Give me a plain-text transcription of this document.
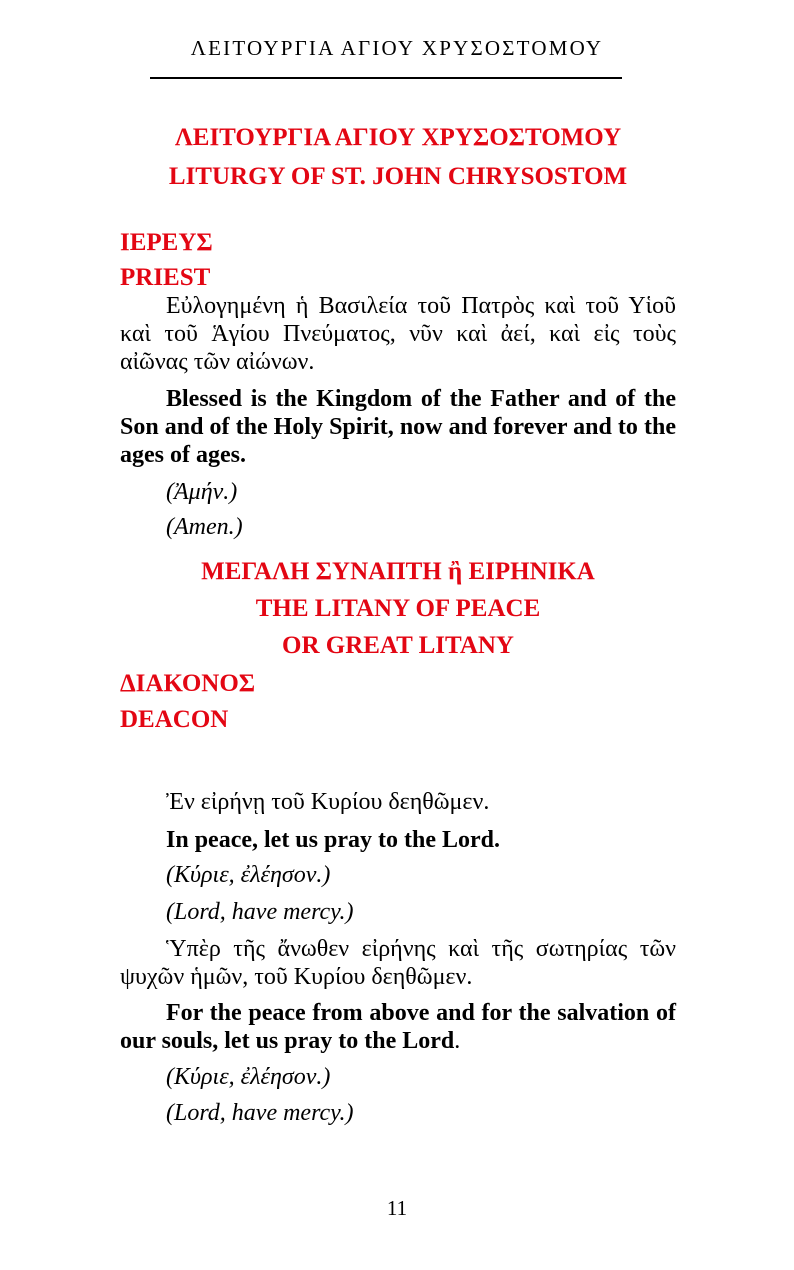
ΛΕΙΤΟΥΡΓΙΑ ΑΓΙΟΥ ΧΡΥΣΟΣΤΟΜΟΥ
ΛΕΙΤΟΥΡΓΙΑ ΑΓΙΟΥ ΧΡΥΣΟΣΤΟΜΟΥ
LITURGY OF ST. JOHN CHRYSOSTOM
ΙΕΡΕΥΣ
PRIEST

Εὐλογημένη ἡ Βασιλεία τοῦ Πατρὸς καὶ τοῦ Υἱοῦ καὶ τοῦ Ἁγίου Πνεύματος, νῦν καὶ ἀεί, καὶ εἰς τοὺς αἰῶνας τῶν αἰώνων.

Blessed is the Kingdom of the Father and of the Son and of the Holy Spirit, now and forever and to the ages of ages.

(Ἀμήν.)
(Amen.)
ΜΕΓΑΛΗ ΣΥΝΑΠΤΗ ἢ ΕΙΡΗΝΙΚΑ
THE LITANY OF PEACE
OR GREAT LITANY
ΔΙΑΚΟΝΟΣ
DEACON

Ἐν εἰρήνῃ τοῦ Κυρίου δεηθῶμεν.

In peace, let us pray to the Lord.

(Κύριε, ἐλέησον.)
(Lord, have mercy.)

Ὑπὲρ τῆς ἄνωθεν εἰρήνης καὶ τῆς σωτηρίας τῶν ψυχῶν ἡμῶν, τοῦ Κυρίου δεηθῶμεν.

For the peace from above and for the salvation of our souls, let us pray to the Lord.

(Κύριε, ἐλέησον.)
(Lord, have mercy.)
11
